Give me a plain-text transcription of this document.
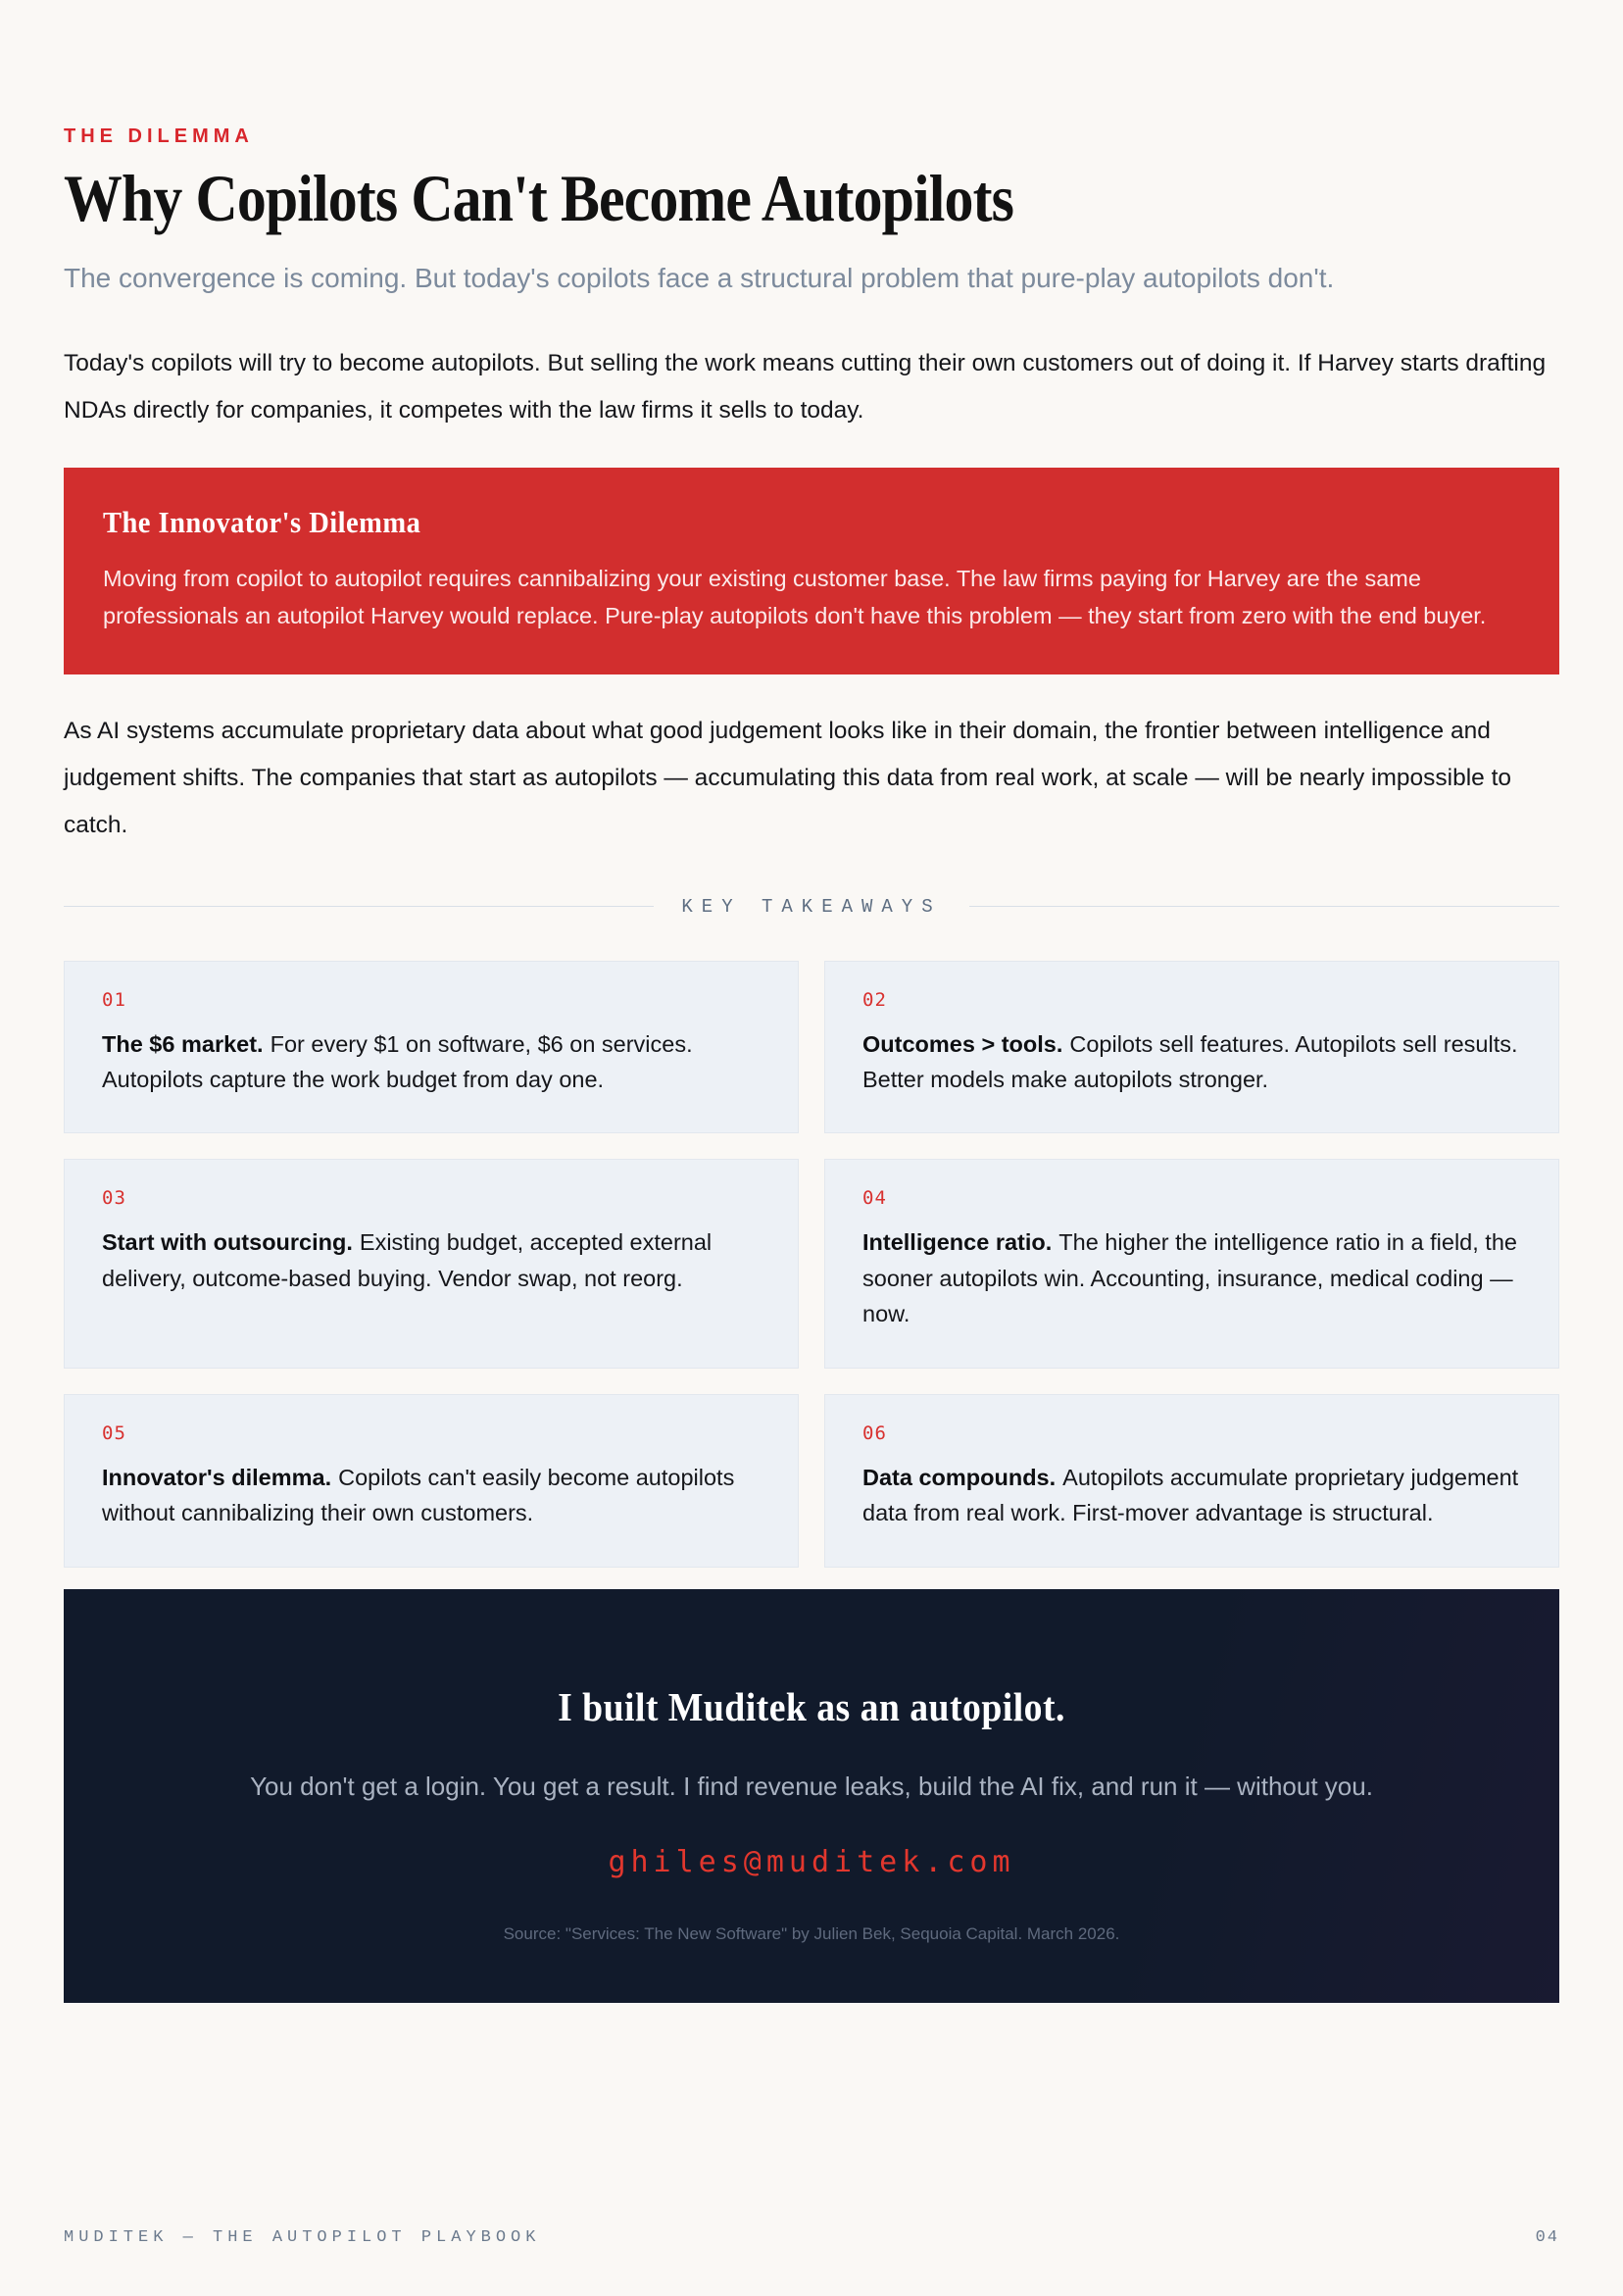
THE DILEMMA
Why Copilots Can't Become Autopilots

The convergence is coming. But today's copilots face a structural problem that pure-play autopilots don't.

Today's copilots will try to become autopilots. But selling the work means cutting their own customers out of doing it. If Harvey starts drafting NDAs directly for companies, it competes with the law firms it sells to today.

The Innovator's Dilemma

Moving from copilot to autopilot requires cannibalizing your existing customer base. The law firms paying for Harvey are the same professionals an autopilot Harvey would replace. Pure-play autopilots don't have this problem — they start from zero with the end buyer.

As AI systems accumulate proprietary data about what good judgement looks like in their domain, the frontier between intelligence and judgement shifts. The companies that start as autopilots — accumulating this data from real work, at scale — will be nearly impossible to catch.

KEY TAKEAWAYS
01

The $6 market. For every $1 on software, $6 on services. Autopilots capture the work budget from day one.

02

Outcomes > tools. Copilots sell features. Autopilots sell results. Better models make autopilots stronger.

03

Start with outsourcing. Existing budget, accepted external delivery, outcome-based buying. Vendor swap, not reorg.

04

Intelligence ratio. The higher the intelligence ratio in a field, the sooner autopilots win. Accounting, insurance, medical coding — now.

05

Innovator's dilemma. Copilots can't easily become autopilots without cannibalizing their own customers.

06

Data compounds. Autopilots accumulate proprietary judgement data from real work. First-mover advantage is structural.

I built Muditek as an autopilot.

You don't get a login. You get a result. I find revenue leaks, build the AI fix, and run it — without you.

ghiles@muditek.com

Source: "Services: The New Software" by Julien Bek, Sequoia Capital. March 2026.

MUDITEK — THE AUTOPILOT PLAYBOOK	04
